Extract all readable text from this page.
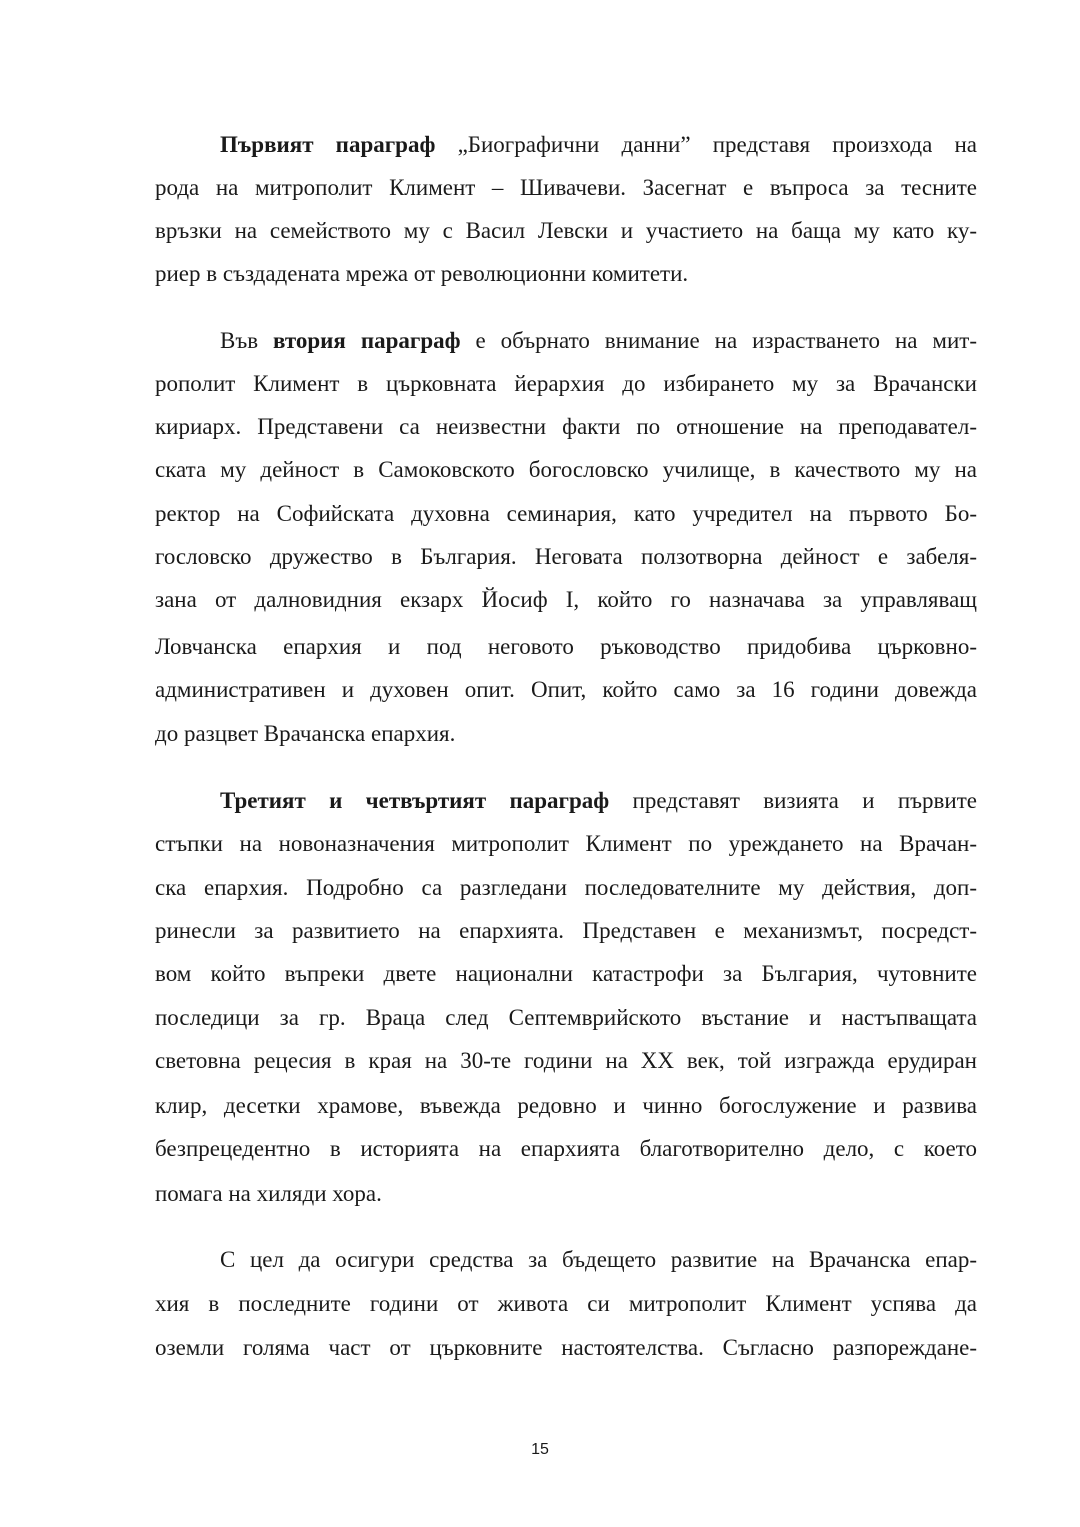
Първият параграф „Биографични данни” представя произхода на
рода на митрополит Климент – Шивачеви. Засегнат е въпроса за тесните
връзки на семейството му с Васил Левски и участието на баща му като ку-
риер в създадената мрежа от революционни комитети.
Във втория параграф е обърнато внимание на израстването на мит-
рополит Климент в църковната йерархия до избирането му за Врачански
кириарх. Представени са неизвестни факти по отношение на преподавател-
ската му дейност в Самоковското богословско училище, в качеството му на
ректор на Софийската духовна семинария, като учредител на първото Бо-
гословско дружество в България. Неговата ползотворна дейност е забеля-
зана от далновидния екзарх Йосиф I, който го назначава за управляващ
Ловчанска епархия и под неговото ръководство придобива църковно-
административен и духовен опит. Опит, който само за 16 години довежда
до разцвет Врачанска епархия.
Третият и четвъртият параграф представят визията и първите
стъпки на новоназначения митрополит Климент по уреждането на Врачан-
ска епархия. Подробно са разгледани последователните му действия, доп-
ринесли за развитието на епархията. Представен е механизмът, посредст-
вом който въпреки двете национални катастрофи за България, чутовните
последици за гр. Враца след Септемврийското въстание и настъпващата
световна рецесия в края на 30-те години на XX век, той изгражда ерудиран
клир, десетки храмове, въвежда редовно и чинно богослужение и развива
безпрецедентно в историята на епархията благотворително дело, с което
помага на хиляди хора.
С цел да осигури средства за бъдещето развитие на Врачанска епар-
хия в последните години от живота си митрополит Климент успява да
оземли голяма част от църковните настоятелства. Съгласно разпореждане-
15
